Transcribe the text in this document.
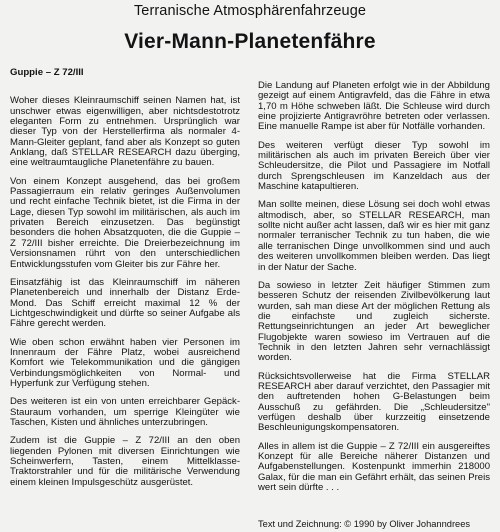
Terranische Atmosphärenfahrzeuge
Vier-Mann-Planetenfähre
Guppie – Z 72/III

Woher dieses Kleinraumschiff seinen Namen hat, ist unschwer etwas eigenwilligen, aber nichtsdestotrotz eleganten Form zu entnehmen. Ursprünglich war dieser Typ von der Herstellerfirma als normaler 4-Mann-Gleiter geplant, fand aber als Konzept so guten Anklang, daß STELLAR RESEARCH dazu überging, eine weltraumtaugliche Planetenfähre zu bauen.

Von einem Konzept ausgehend, das bei großem Passagierraum ein relativ geringes Außenvolumen und recht einfache Technik bietet, ist die Firma in der Lage, diesen Typ sowohl im militärischen, als auch im privaten Bereich einzusetzen. Das begünstigt besonders die hohen Absatzquoten, die die Guppie – Z 72/III bisher erreichte. Die Dreierbezeichnung im Versionsnamen rührt von den unterschiedlichen Entwicklungsstufen vom Gleiter bis zur Fähre her.

Einsatzfähig ist das Kleinraumschiff im näheren Planetenbereich und innerhalb der Distanz Erde-Mond. Das Schiff erreicht maximal 12 % der Lichtgeschwindigkeit und dürfte so seiner Aufgabe als Fähre gerecht werden.

Wie oben schon erwähnt haben vier Personen im Innenraum der Fähre Platz, wobei ausreichend Komfort wie Telekommunikation und die gängigen Verbindungsmöglichkeiten von Normal- und Hyperfunk zur Verfügung stehen.

Des weiteren ist ein von unten erreichbarer Gepäck-Stauraum vorhanden, um sperrige Kleingüter wie Taschen, Kisten und ähnliches unterzubringen.

Zudem ist die Guppie – Z 72/III an den oben liegenden Pylonen mit diversen Einrichtungen wie Scheinwerfern, Tasten, einem Mittelklasse-Traktorstrahler und für die militärische Verwendung einem kleinen Impulsgeschütz ausgerüstet.

Die Landung auf Planeten erfolgt wie in der Abbildung gezeigt auf einem Antigravfeld, das die Fähre in etwa 1,70 m Höhe schweben läßt. Die Schleuse wird durch eine projizierte Antigravröhre betreten oder verlassen. Eine manuelle Rampe ist aber für Notfälle vorhanden.

Des weiteren verfügt dieser Typ sowohl im militärischen als auch im privaten Bereich über vier Schleudersitze, die Pilot und Passagiere im Notfall durch Sprengschleusen im Kanzeldach aus der Maschine katapultieren.

Man sollte meinen, diese Lösung sei doch wohl etwas altmodisch, aber, so STELLAR RESEARCH, man sollte nicht außer acht lassen, daß wir es hier mit ganz normaler terranischer Technik zu tun haben, die wie alle terranischen Dinge unvollkommen sind und auch des weiteren unvollkommen bleiben werden. Das liegt in der Natur der Sache.

Da sowieso in letzter Zeit häufiger Stimmen zum besseren Schutz der reisenden Zivilbevölkerung laut wurden, sah man diese Art der möglichen Rettung als die einfachste und zugleich sicherste. Rettungseinrichtungen an jeder Art beweglicher Flugobjekte waren sowieso im Vertrauen auf die Technik in den letzten Jahren sehr vernachlässigt worden.

Rücksichtsvollerweise hat die Firma STELLAR RESEARCH aber darauf verzichtet, den Passagier mit den auftretenden hohen G-Belastungen beim Ausschuß zu gefährden. Die „Schleudersitze" verfügen deshalb über kurzzeitig einsetzende Beschleunigungskompensatoren.

Alles in allem ist die Guppie – Z 72/III ein ausgereiftes Konzept für alle Bereiche näherer Distanzen und Aufgabenstellungen. Kostenpunkt immerhin 218000 Galax, für die man ein Gefährt erhält, das seinen Preis wert sein dürfte . . .

Text und Zeichnung: © 1990 by Oliver Johanndrees
